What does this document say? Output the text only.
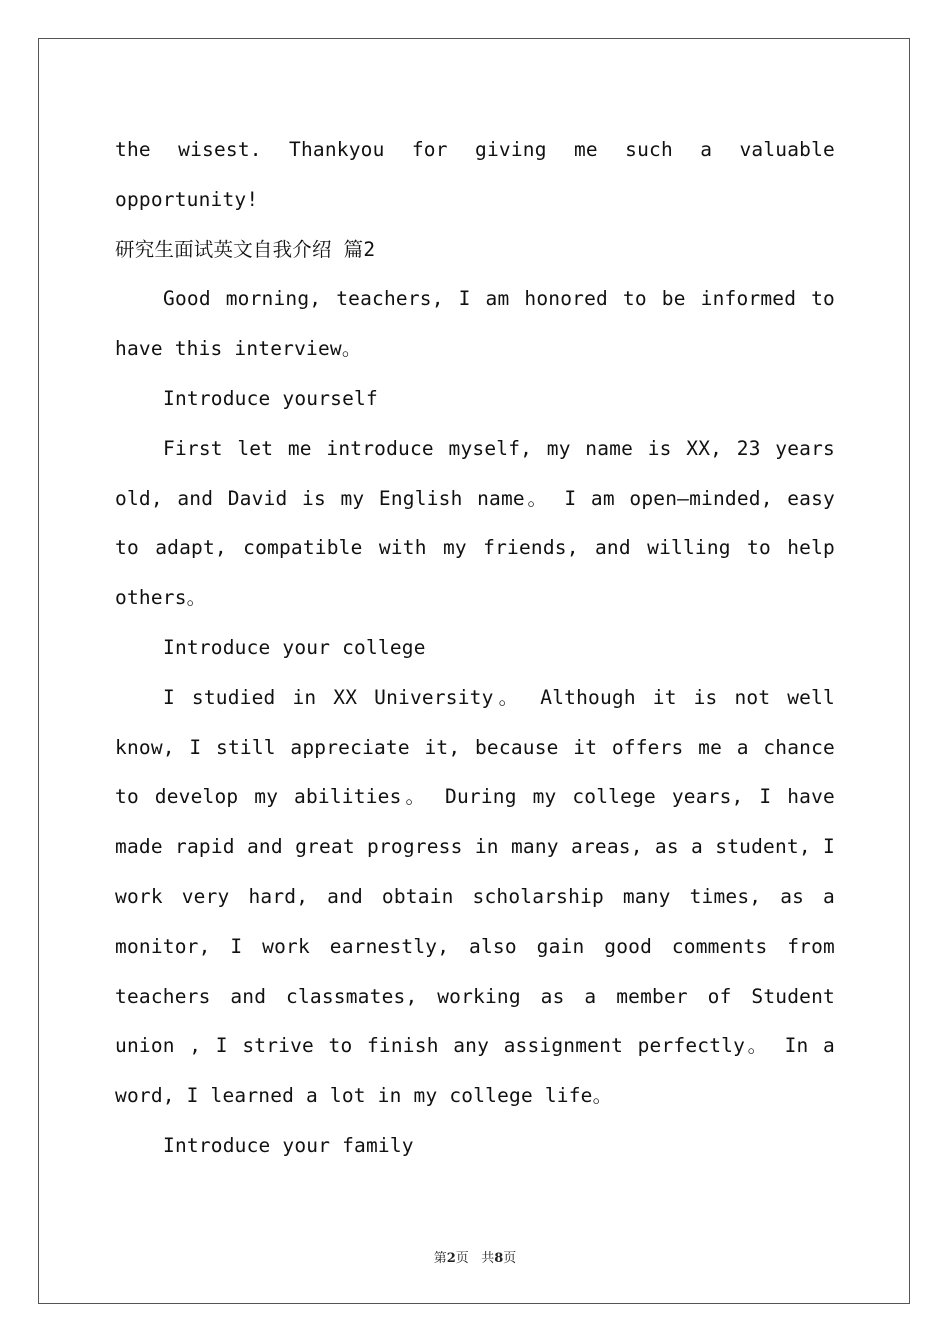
the wisest. Thankyou for giving me such a valuable opportunity!

研究生面试英文自我介绍 篇2

Good morning, teachers, I am honored to be informed to have this interview。

Introduce yourself

First let me introduce myself, my name is XX, 23 years old, and David is my English name。 I am open—minded, easy to adapt, compatible with my friends, and willing to help others。

Introduce your college

I studied in XX University。 Although it is not well know, I still appreciate it, because it offers me a chance to develop my abilities。 During my college years, I have made rapid and great progress in many areas, as a student, I work very hard, and obtain scholarship many times, as a monitor, I work earnestly, also gain good comments from teachers and classmates, working as a member of Student union , I strive to finish any assignment perfectly。 In a word, I learned a lot in my college life。

Introduce your family

第2页 共8页
